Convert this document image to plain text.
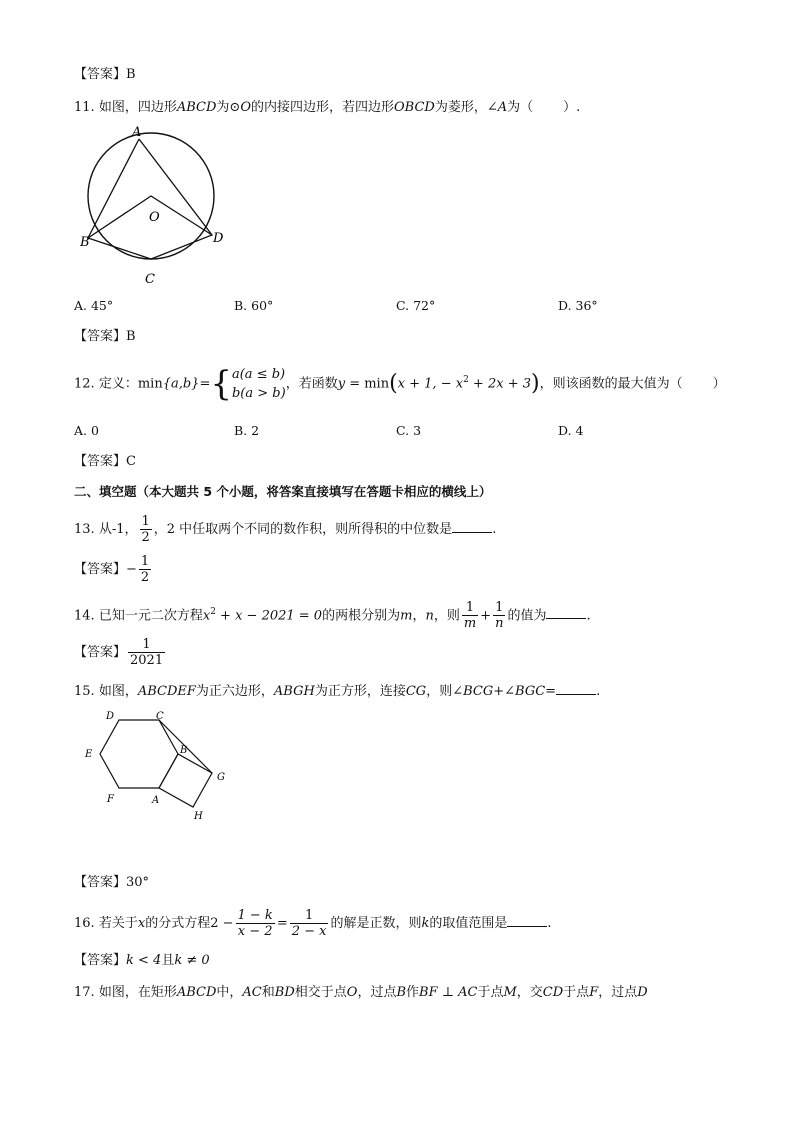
【答案】B
11. 如图，四边形ABCD为⊙O的内接四边形，若四边形OBCD为菱形，∠A为（ ）.
A
B
C
D
O
A. 45°	B. 60°	C. 72°	D. 36°
【答案】B
12. 定义：min{a,b}={ a(a ≤ b)
b(a > b)
，若函数y = min(x + 1, − $x^2 + 2x + 3$)，则该函数的最大值为（ ）
A. 0	B. 2	C. 3	D. 4
【答案】C
二、填空题（本大题共 5 个小题，将答案直接填写在答题卡相应的横线上）
13. 从-1， $\frac{1}{2}$ ，2 中任取两个不同的数作积，则所得积的中位数是	.
【答案】− $\frac{1}{2}$
14. 已知一元二次方程$x^2 + x - 2021 = 0$的两根分别为m，n，则 $\frac{1}{m} + \frac{1}{n}$ 的值为	.
【答案】 $\frac{1}{2021}$
15. 如图，ABCDEF为正六边形，ABGH为正方形，连接CG，则∠BCG+∠BGC=	.
D	C
B
E
F	A
G
H
【答案】30°
16. 若关于x的分式方程$2 - \frac{1 - k}{x - 2} = \frac{1}{2 - x}$ 的解是正数，则k的取值范围是	.
【答案】k < 4且k ≠ 0
17. 如图，在矩形ABCD中，AC和BD相交于点O，过点B作BF ⊥ AC于点M，交CD于点F，过点D
